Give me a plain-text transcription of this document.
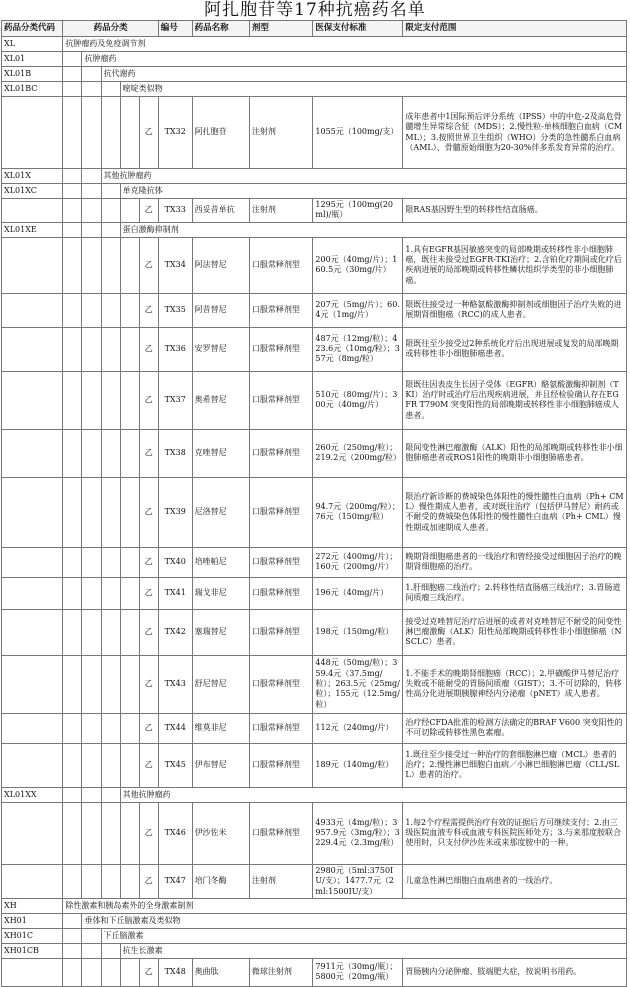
阿扎胞苷等17种抗癌药名单
药品分类代码	药品分类					编号	药品名称	剂型	医保支付标准	限定支付范围
XL	抗肿瘤药及免疫调节剂									
XL01		抗肿瘤药								
XL01B			抗代谢药							
XL01BC				嘧啶类似物						
					乙	TX32	阿扎胞苷	注射剂	1055元（100mg/支）	成年患者中1国际预后评分系统（IPSS）中的中危-2及高危骨髓增生异常综合征（MDS）；2.慢性粒-单核细胞白血病（CMML）；3.按照世界卫生组织（WHO）分类的急性髓系白血病（AML）、骨髓原始细胞为20-30%伴多系发育异常的治疗。
XL01X			其他抗肿瘤药							
XL01XC				单克隆抗体						
					乙	TX33	西妥昔单抗	注射剂	1295元（100mg(20ml)/瓶）	限RAS基因野生型的转移性结直肠癌。
XL01XE				蛋白激酶抑制剂						
					乙	TX34	阿法替尼	口服常释剂型	200元（40mg/片）；160.5元（30mg/片）	1.具有EGFR基因敏感突变的局部晚期或转移性非小细胞肺癌，既往未接受过EGFR-TKI治疗；2.含铂化疗期间或化疗后疾病进展的局部晚期或转移性鳞状组织学类型的非小细胞肺癌。
					乙	TX35	阿昔替尼	口服常释剂型	207元（5mg/片）；60.4元（1mg/片）	限既往接受过一种酪氨酸激酶抑制剂或细胞因子治疗失败的进展期肾细胞癌（RCC)的成人患者。
					乙	TX36	安罗替尼	口服常释剂型	487元（12mg/粒）；423.6元（10mg/粒）；357元（8mg/粒）	限既往至少接受过2种系统化疗后出现进展或复发的局部晚期或转移性非小细胞肺癌患者。
					乙	TX37	奥希替尼	口服常释剂型	510元（80mg/片）；300元（40mg/片）	限既往因表皮生长因子受体（EGFR）酪氨酸激酶抑制剂（TKI）治疗时或治疗后出现疾病进展，并且经检验确认存在EGFR T790M 突变阳性的局部晚期或转移性非小细胞肺癌成人患者。
					乙	TX38	克唑替尼	口服常释剂型	260元（250mg/粒）；219.2元（200mg/粒）	限间变性淋巴瘤激酶（ALK）阳性的局部晚期或转移性非小细胞肺癌患者或ROS1阳性的晚期非小细胞肺癌患者。
					乙	TX39	尼洛替尼	口服常释剂型	94.7元（200mg/粒）；76元（150mg/粒）	限治疗新诊断的费城染色体阳性的慢性髓性白血病（Ph+ CML）慢性期成人患者，或对既往治疗（包括伊马替尼）耐药或不耐受的费城染色体阳性的慢性髓性白血病（Ph+ CML）慢性期或加速期成人患者。
					乙	TX40	培唑帕尼	口服常释剂型	272元（400mg/片）；160元（200mg/片）	晚期肾细胞癌患者的一线治疗和曾经接受过细胞因子治疗的晚期肾细胞癌的治疗。
					乙	TX41	瑞戈非尼	口服常释剂型	196元（40mg/片）	1.肝细胞癌二线治疗；2.转移性结直肠癌三线治疗；3.胃肠道间质瘤三线治疗。
					乙	TX42	塞瑞替尼	口服常释剂型	198元（150mg/粒）	接受过克唑替尼治疗后进展的或者对克唑替尼不耐受的间变性淋巴瘤激酶（ALK）阳性局部晚期或转移性非小细胞肺癌（NSCLC）患者。
					乙	TX43	舒尼替尼	口服常释剂型	448元（50mg/粒）；359.4元（37.5mg/粒）；263.5元（25mg/粒）；155元（12.5mg/粒）	1.不能手术的晚期肾细胞癌（RCC）；2.甲磺酸伊马替尼治疗失败或不能耐受的胃肠间质瘤（GIST）；3.不可切除的，转移性高分化进展期胰腺神经内分泌瘤（pNET）成人患者。
					乙	TX44	维莫非尼	口服常释剂型	112元（240mg/片）	治疗经CFDA批准的检测方法确定的BRAF V600 突变阳性的不可切除或转移性黑色素瘤。
					乙	TX45	伊布替尼	口服常释剂型	189元（140mg/粒）	1.既往至少接受过一种治疗的套细胞淋巴瘤（MCL）患者的治疗；2.慢性淋巴细胞白血病／小淋巴细胞淋巴瘤（CLL/SLL）患者的治疗。
XL01XX				其他抗肿瘤药						
					乙	TX46	伊沙佐米	口服常释剂型	4933元（4mg/粒）；3957.9元（3mg/粒）；3229.4元（2.3mg/粒）	1.每2个疗程需提供治疗有效的证据后方可继续支付；2.由三级医院血液专科或血液专科医院医师处方；3.与来那度胺联合使用时，只支付伊沙佐米或来那度胺中的一种。
					乙	TX47	培门冬酶	注射剂	2980元（5ml:3750IU/支）；1477.7元（2ml:1500IU/支）	儿童急性淋巴细胞白血病患者的一线治疗。
XH	除性激素和胰岛素外的全身激素制剂									
XH01		垂体和下丘脑激素及类似物								
XH01C			下丘脑激素							
XH01CB				抗生长激素						
					乙	TX48	奥曲肽	微球注射剂	7911元（30mg/瓶）；5800元（20mg/瓶）	胃肠胰内分泌肿瘤、肢端肥大症，按说明书用药。
